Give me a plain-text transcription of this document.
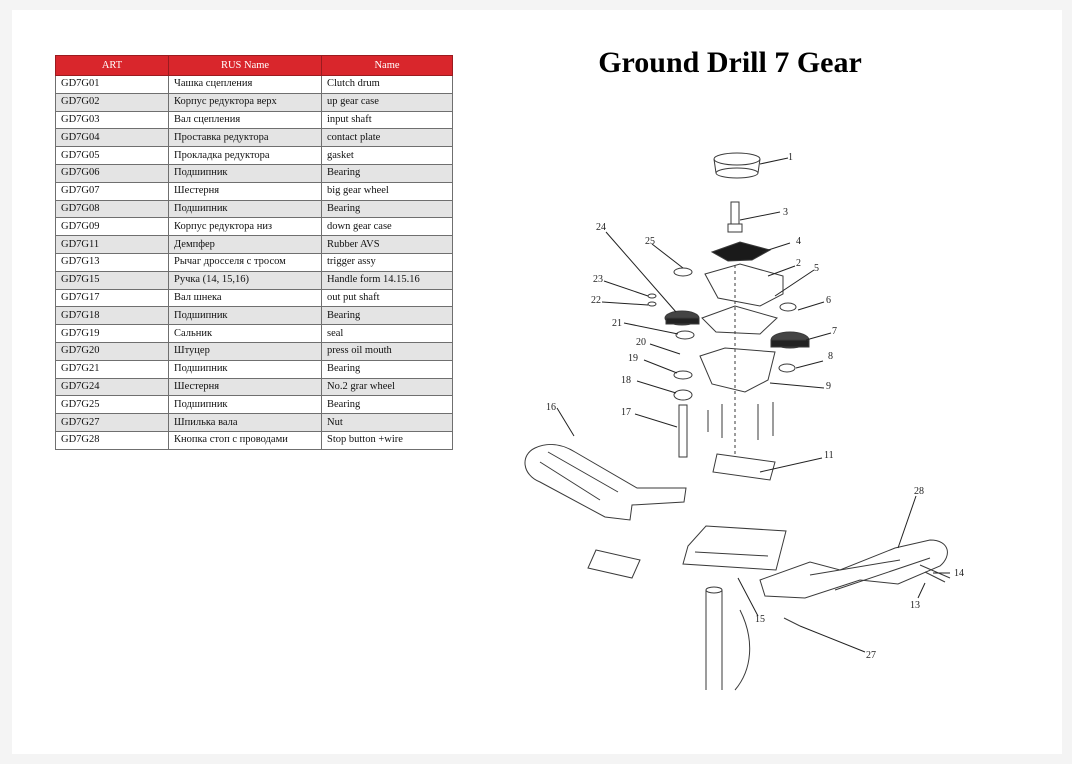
ART	RUS Name	Name
GD7G01	Чашка сцепления	Clutch drum
GD7G02	Корпус редуктора верх	up gear case
GD7G03	Вал сцепления	input shaft
GD7G04	Проставка редуктора	contact plate
GD7G05	Прокладка редуктора	gasket
GD7G06	Подшипник	Bearing
GD7G07	Шестерня	big gear wheel
GD7G08	Подшипник	Bearing
GD7G09	Корпус редуктора низ	down gear case
GD7G11	Демпфер	Rubber AVS
GD7G13	Рычаг дросселя с тросом	trigger assy
GD7G15	Ручка (14, 15,16)	Handle form 14.15.16
GD7G17	Вал шнека	out put shaft
GD7G18	Подшипник	Bearing
GD7G19	Сальник	seal
GD7G20	Штуцер	press oil mouth
GD7G21	Подшипник	Bearing
GD7G24	Шестерня	No.2 grar wheel
GD7G25	Подшипник	Bearing
GD7G27	Шпилька вала	Nut
GD7G28	Кнопка стоп с проводами	Stop button +wire
Ground Drill 7 Gear
1
3
24
25	4
2 5
23
22	6
21
7
20
19	8
18
9
16	17
11
28
14
13
15
27
